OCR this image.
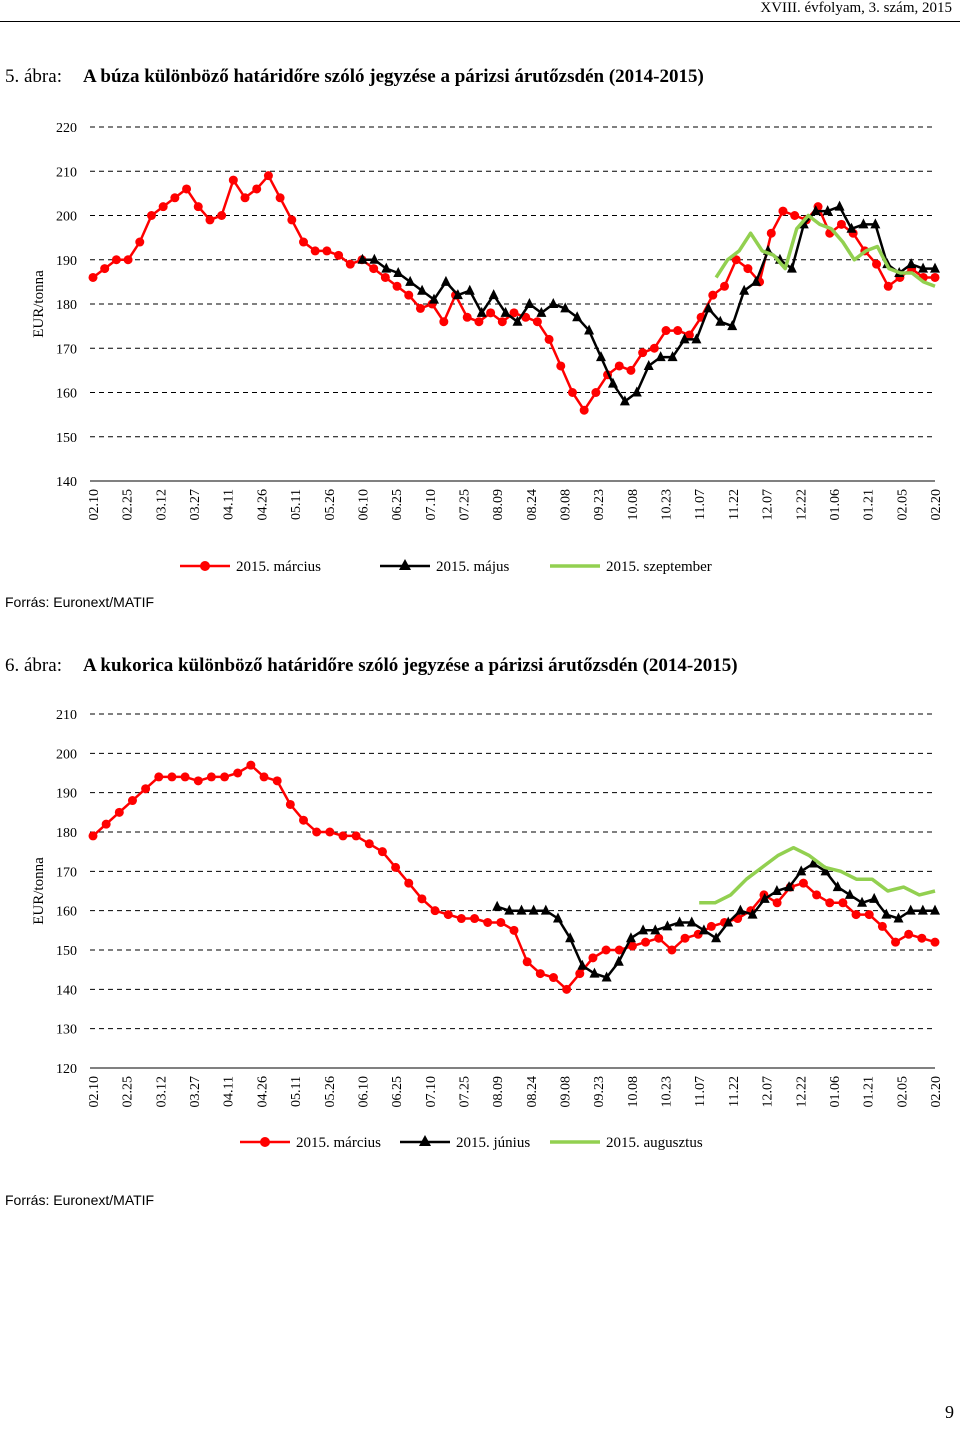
XVIII. évfolyam, 3. szám, 2015
5. ábra: A búza különböző határidőre szóló jegyzése a párizsi árutőzsdén (2014-2015)
140
150
160
170
180
190
200
210
220
02.10 02.25 03.12 03.27 04.11 04.26 05.11 05.26 06.10 06.25 07.10 07.25 08.09 08.24 09.08 09.23 10.08 10.23 11.07 11.22 12.07 12.22 01.06 01.21 02.05 02.20
EUR/tonna
2015. március	2015. május	2015. szeptember
Forrás: Euronext/MATIF
6. ábra: A kukorica különböző határidőre szóló jegyzése a párizsi árutőzsdén (2014-2015)
120
130
140
150
160
170
180
190
200
210
02.10 02.25 03.12 03.27 04.11 04.26 05.11 05.26 06.10 06.25 07.10 07.25 08.09 08.24 09.08 09.23 10.08 10.23 11.07 11.22 12.07 12.22 01.06 01.21 02.05 02.20
EUR/tonna
2015. március	2015. június	2015. augusztus
Forrás: Euronext/MATIF
9
